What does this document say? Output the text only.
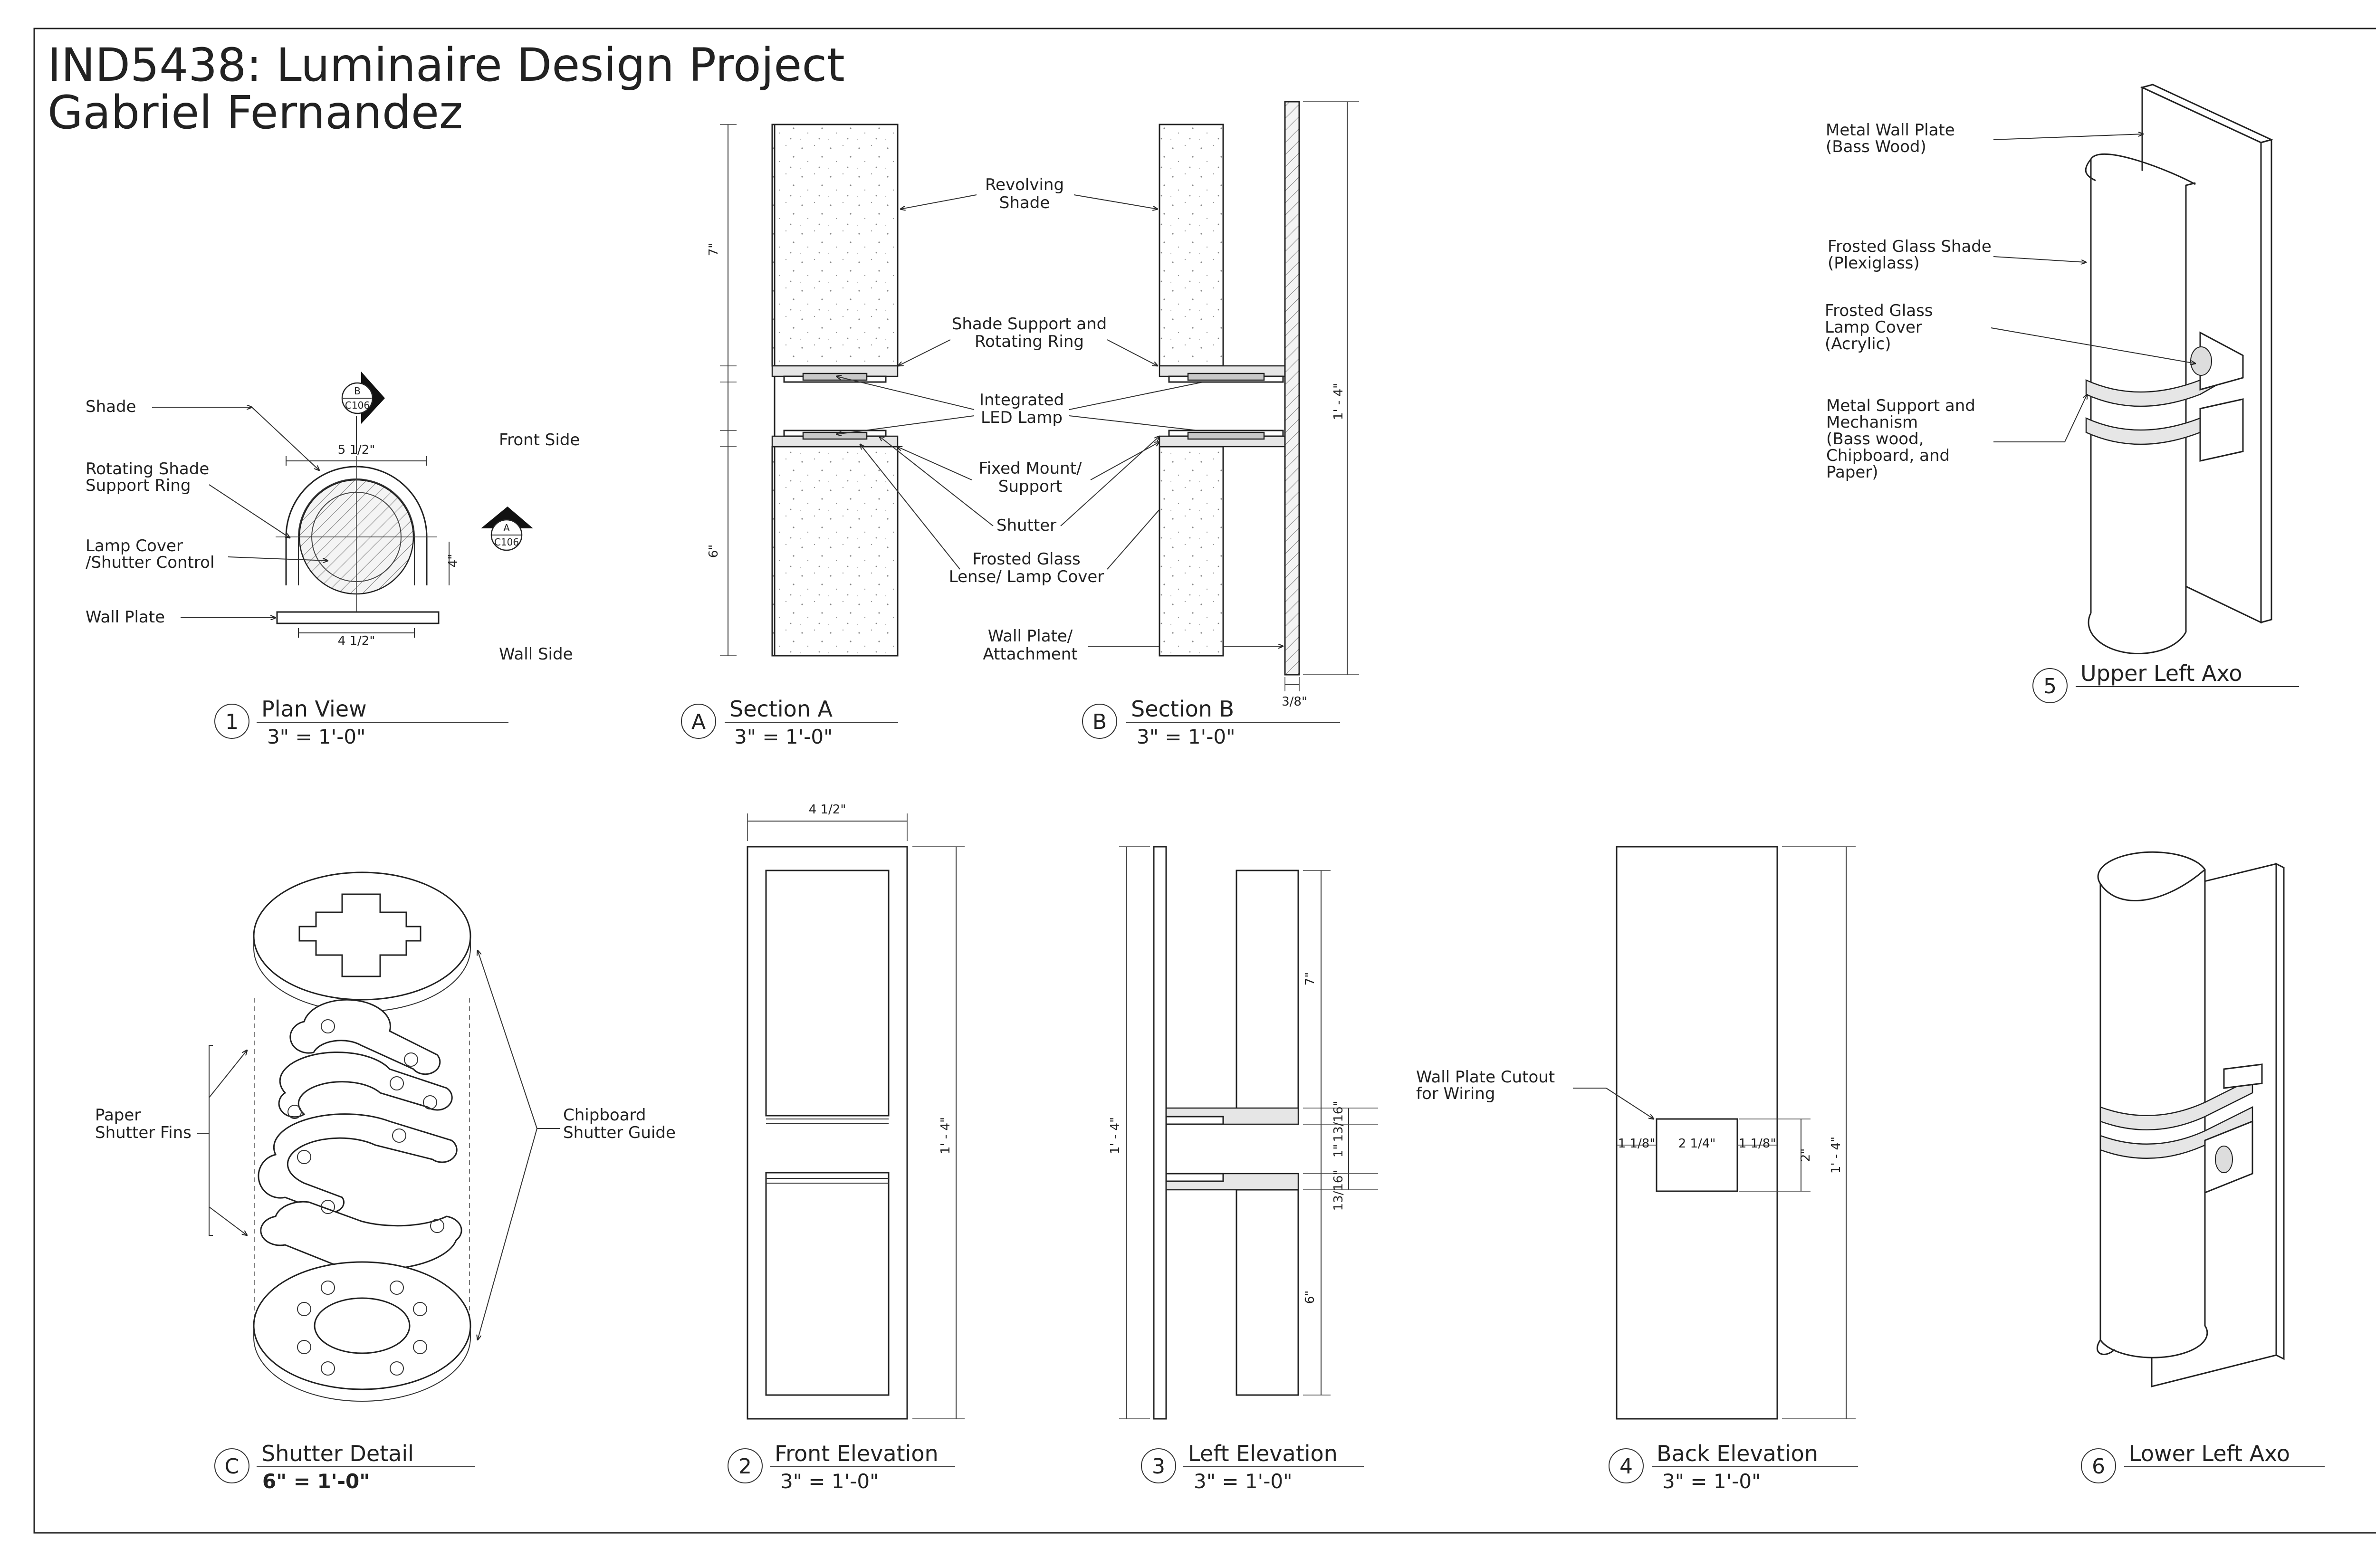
IND5438: Luminaire Design Project
Gabriel Fernandez
5 1/2"
4 1/2"
4"
B
C106
A
C106
Shade
Rotating Shade
Support Ring
Lamp Cover
/Shutter Control
Wall Plate
Front Side
Wall Side
1
Plan View
3" = 1'-0"
7"
6"
A
Section A
3" = 1'-0"
Revolving
Shade
Shade Support and
Rotating Ring
Integrated
LED Lamp
Fixed Mount/
Support
Shutter
Frosted Glass
Lense/ Lamp Cover
Wall Plate/
Attachment
1' - 4"
3/8"
B
Section B
3" = 1'-0"
Metal Wall Plate
(Bass Wood)
Frosted Glass Shade
(Plexiglass)
Frosted Glass
Lamp Cover
(Acrylic)
Metal Support and
Mechanism
(Bass wood,
Chipboard, and
Paper)
5
Upper Left Axo
Paper
Shutter Fins
Chipboard
Shutter Guide
C
Shutter Detail
6" = 1'-0"
4 1/2"
1' - 4"
2
Front Elevation
3" = 1'-0"
1' - 4"
7"
13/16"
1"
13/16"
6"
3
Left Elevation
3" = 1'-0"
1 1/8" 2 1/4" 1 1/8"
2" 1' - 4"
Wall Plate Cutout
for Wiring
4
Back Elevation
3" = 1'-0"
6
Lower Left Axo
